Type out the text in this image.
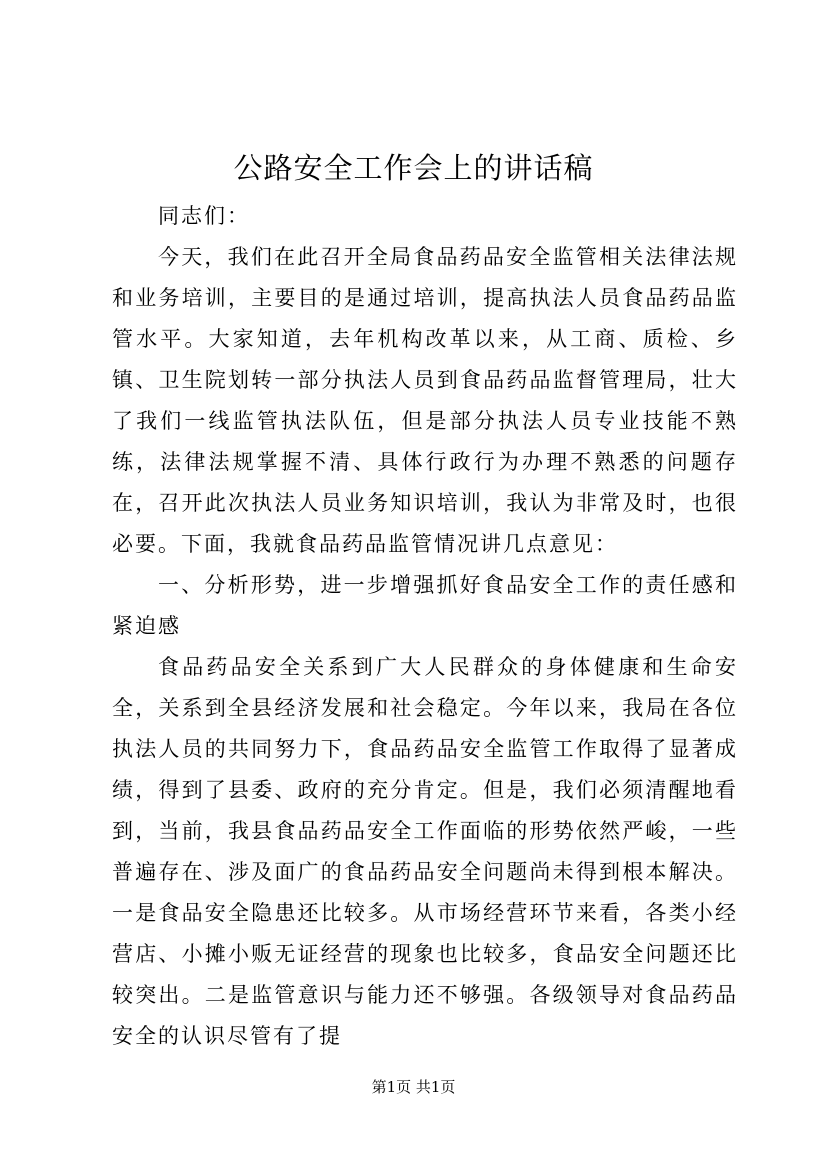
公路安全工作会上的讲话稿

同志们：

今天，我们在此召开全局食品药品安全监管相关法律法规和业务培训，主要目的是通过培训，提高执法人员食品药品监管水平。大家知道，去年机构改革以来，从工商、质检、乡镇、卫生院划转一部分执法人员到食品药品监督管理局，壮大了我们一线监管执法队伍，但是部分执法人员专业技能不熟练，法律法规掌握不清、具体行政行为办理不熟悉的问题存在，召开此次执法人员业务知识培训，我认为非常及时，也很必要。下面，我就食品药品监管情况讲几点意见：

一、分析形势，进一步增强抓好食品安全工作的责任感和紧迫感

食品药品安全关系到广大人民群众的身体健康和生命安全，关系到全县经济发展和社会稳定。今年以来，我局在各位执法人员的共同努力下，食品药品安全监管工作取得了显著成绩，得到了县委、政府的充分肯定。但是，我们必须清醒地看到，当前，我县食品药品安全工作面临的形势依然严峻，一些普遍存在、涉及面广的食品药品安全问题尚未得到根本解决。一是食品安全隐患还比较多。从市场经营环节来看，各类小经营店、小摊小贩无证经营的现象也比较多，食品安全问题还比较突出。二是监管意识与能力还不够强。各级领导对食品药品安全的认识尽管有了提

第1页 共1页
